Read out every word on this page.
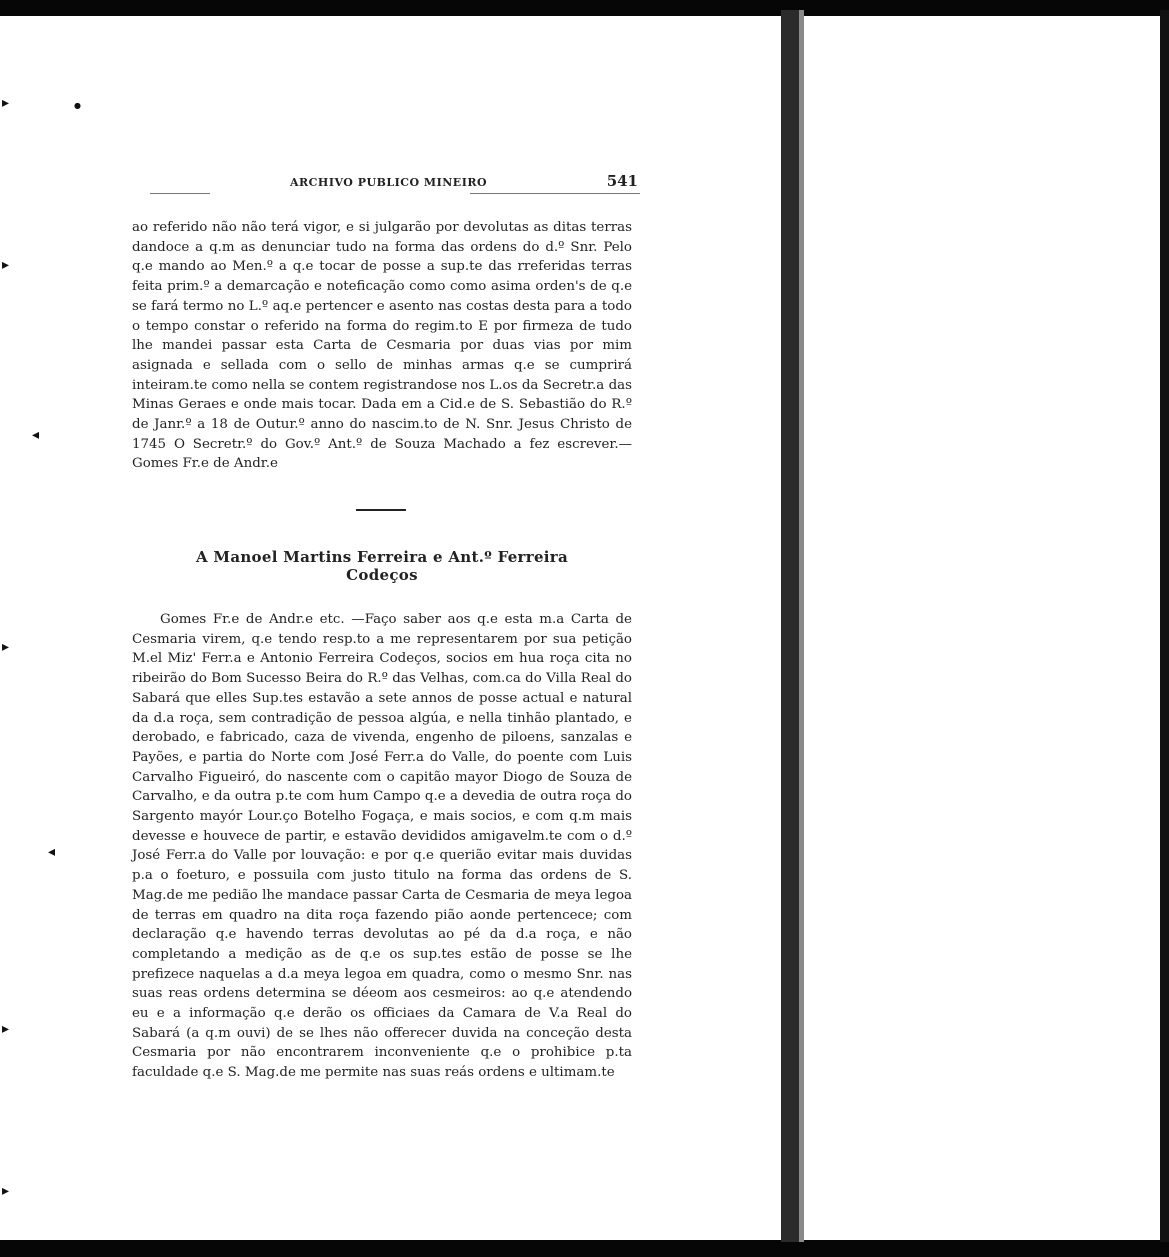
▸	●
▸
◂
▸
◂
▸
▸
ARCHIVO PUBLICO MINEIRO	541

ao referido não não terá vigor, e si julgarão por devolutas as ditas terras dandoce a q.m as denunciar tudo na forma das ordens do d.º Snr. Pelo q.e mando ao Men.º a q.e tocar de posse a sup.te das rreferidas terras feita prim.º a demarcação e noteficação como como asima orden's de q.e se fará termo no L.º aq.e pertencer e asento nas costas desta para a todo o tempo constar o referido na forma do regim.to E por firmeza de tudo lhe mandei passar esta Carta de Cesmaria por duas vias por mim asignada e sellada com o sello de minhas armas q.e se cumprirá inteiram.te como nella se contem registrandose nos L.os da Secretr.a das Minas Geraes e onde mais tocar. Dada em a Cid.e de S. Sebastião do R.º de Janr.º a 18 de Outur.º anno do nascim.to de N. Snr. Jesus Christo de 1745 O Secretr.º do Gov.º Ant.º de Souza Machado a fez escrever.—Gomes Fr.e de Andr.e

A Manoel Martins Ferreira e Ant.º Ferreira
Codeços

Gomes Fr.e de Andr.e etc. —Faço saber aos q.e esta m.a Carta de Cesmaria virem, q.e tendo resp.to a me representarem por sua petição M.el Miz' Ferr.a e Antonio Ferreira Codeços, socios em hua roça cita no ribeirão do Bom Sucesso Beira do R.º das Velhas, com.ca do Villa Real do Sabará que elles Sup.tes estavão a sete annos de posse actual e natural da d.a roça, sem contradição de pessoa algúa, e nella tinhão plantado, e derobado, e fabricado, caza de vivenda, engenho de piloens, sanzalas e Payões, e partia do Norte com José Ferr.a do Valle, do poente com Luis Carvalho Figueiró, do nascente com o capitão mayor Diogo de Souza de Carvalho, e da outra p.te com hum Campo q.e a devedia de outra roça do Sargento mayór Lour.ço Botelho Fogaça, e mais socios, e com q.m mais devesse e houvece de partir, e estavão devididos amigavelm.te com o d.º José Ferr.a do Valle por louvação: e por q.e querião evitar mais duvidas p.a o foeturo, e possuila com justo titulo na forma das ordens de S. Mag.de me pedião lhe mandace passar Carta de Cesmaria de meya legoa de terras em quadro na dita roça fazendo pião aonde pertencece; com declaração q.e havendo terras devolutas ao pé da d.a roça, e não completando a medição as de q.e os sup.tes estão de posse se lhe prefizece naquelas a d.a meya legoa em quadra, como o mesmo Snr. nas suas reas ordens determina se déeom aos cesmeiros: ao q.e atendendo eu e a informação q.e derão os officiaes da Camara de V.a Real do Sabará (a q.m ouvi) de se lhes não offerecer duvida na conceção desta Cesmaria por não encontrarem inconveniente q.e o prohibice p.ta faculdade q.e S. Mag.de me permite nas suas reás ordens e ultimam.te
